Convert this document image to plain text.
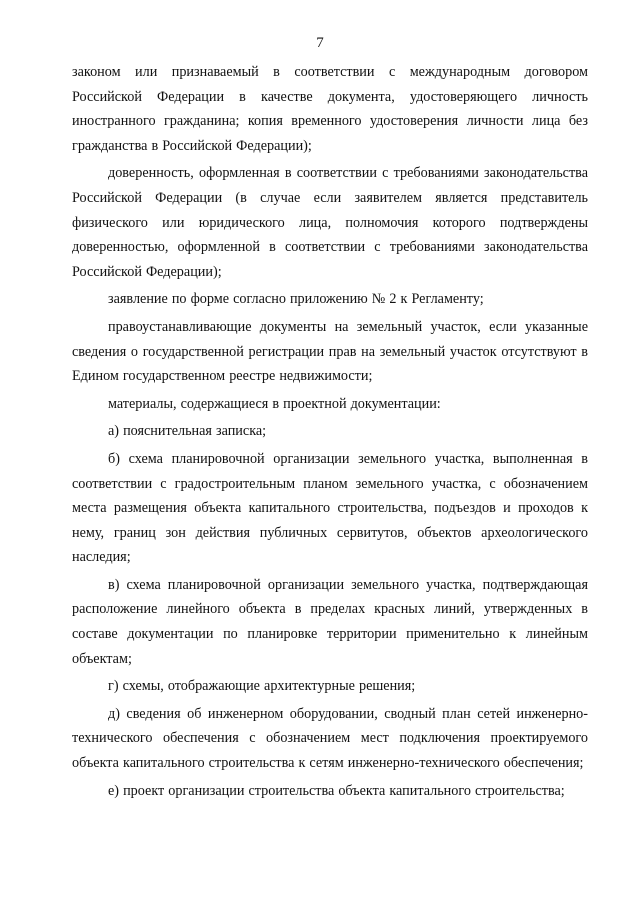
7

законом или признаваемый в соответствии с международным договором Российской Федерации в качестве документа, удостоверяющего личность иностранного гражданина; копия временного удостоверения личности лица без гражданства в Российской Федерации);

доверенность, оформленная в соответствии с требованиями законодательства Российской Федерации (в случае если заявителем является представитель физического или юридического лица, полномочия которого подтверждены доверенностью, оформленной в соответствии с требованиями законодательства Российской Федерации);

заявление по форме согласно приложению № 2 к Регламенту;

правоустанавливающие документы на земельный участок, если указанные сведения о государственной регистрации прав на земельный участок отсутствуют в Едином государственном реестре недвижимости;

материалы, содержащиеся в проектной документации:

а) пояснительная записка;

б) схема планировочной организации земельного участка, выполненная в соответствии с градостроительным планом земельного участка, с обозначением места размещения объекта капитального строительства, подъездов и проходов к нему, границ зон действия публичных сервитутов, объектов археологического наследия;

в) схема планировочной организации земельного участка, подтверждающая расположение линейного объекта в пределах красных линий, утвержденных в составе документации по планировке территории применительно к линейным объектам;

г) схемы, отображающие архитектурные решения;

д) сведения об инженерном оборудовании, сводный план сетей инженерно-технического обеспечения с обозначением мест подключения проектируемого объекта капитального строительства к сетям инженерно-технического обеспечения;

е) проект организации строительства объекта капитального строительства;
